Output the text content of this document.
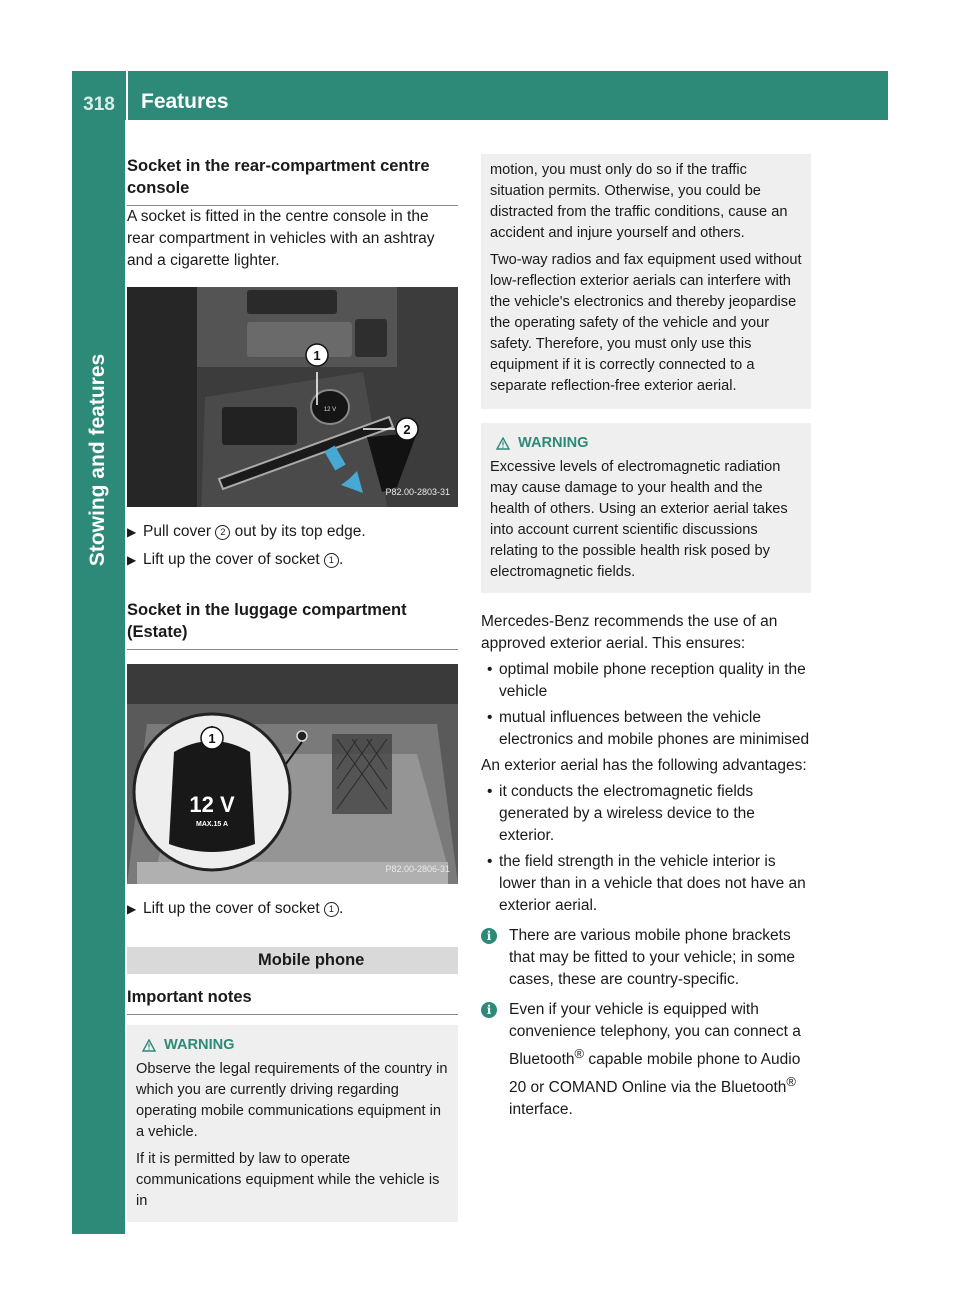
318	Features
Stowing and features
Socket in the rear-compartment centre console

A socket is fitted in the centre console in the rear compartment in vehicles with an ashtray and a cigarette lighter.

12 V
1
2
P82.00-2803-31
▶ Pull cover 2 out by its top edge.
▶ Lift up the cover of socket 1 .
Socket in the luggage compartment (Estate)
12 V
MAX.15 A
1
P82.00-2806-31
▶ Lift up the cover of socket 1 .
Mobile phone
Important notes
WARNING

Observe the legal requirements of the country in which you are currently driving regarding operating mobile communications equipment in a vehicle.

If it is permitted by law to operate communications equipment while the vehicle is in

motion, you must only do so if the traffic situation permits. Otherwise, you could be distracted from the traffic conditions, cause an accident and injure yourself and others.

Two-way radios and fax equipment used without low-reflection exterior aerials can interfere with the vehicle's electronics and thereby jeopardise the operating safety of the vehicle and your safety. Therefore, you must only use this equipment if it is correctly connected to a separate reflection-free exterior aerial.

WARNING

Excessive levels of electromagnetic radiation may cause damage to your health and the health of others. Using an exterior aerial takes into account current scientific discussions relating to the possible health risk posed by electromagnetic fields.

Mercedes-Benz recommends the use of an approved exterior aerial. This ensures:

• optimal mobile phone reception quality in the vehicle
• mutual influences between the vehicle electronics and mobile phones are minimised

An exterior aerial has the following advantages:

• it conducts the electromagnetic fields generated by a wireless device to the exterior.
• the field strength in the vehicle interior is lower than in a vehicle that does not have an exterior aerial.
i	There are various mobile phone brackets that may be fitted to your vehicle; in some cases, these are country-specific.
i	Even if your vehicle is equipped with convenience telephony, you can connect a Bluetooth® capable mobile phone to Audio 20 or COMAND Online via the Bluetooth® interface.
